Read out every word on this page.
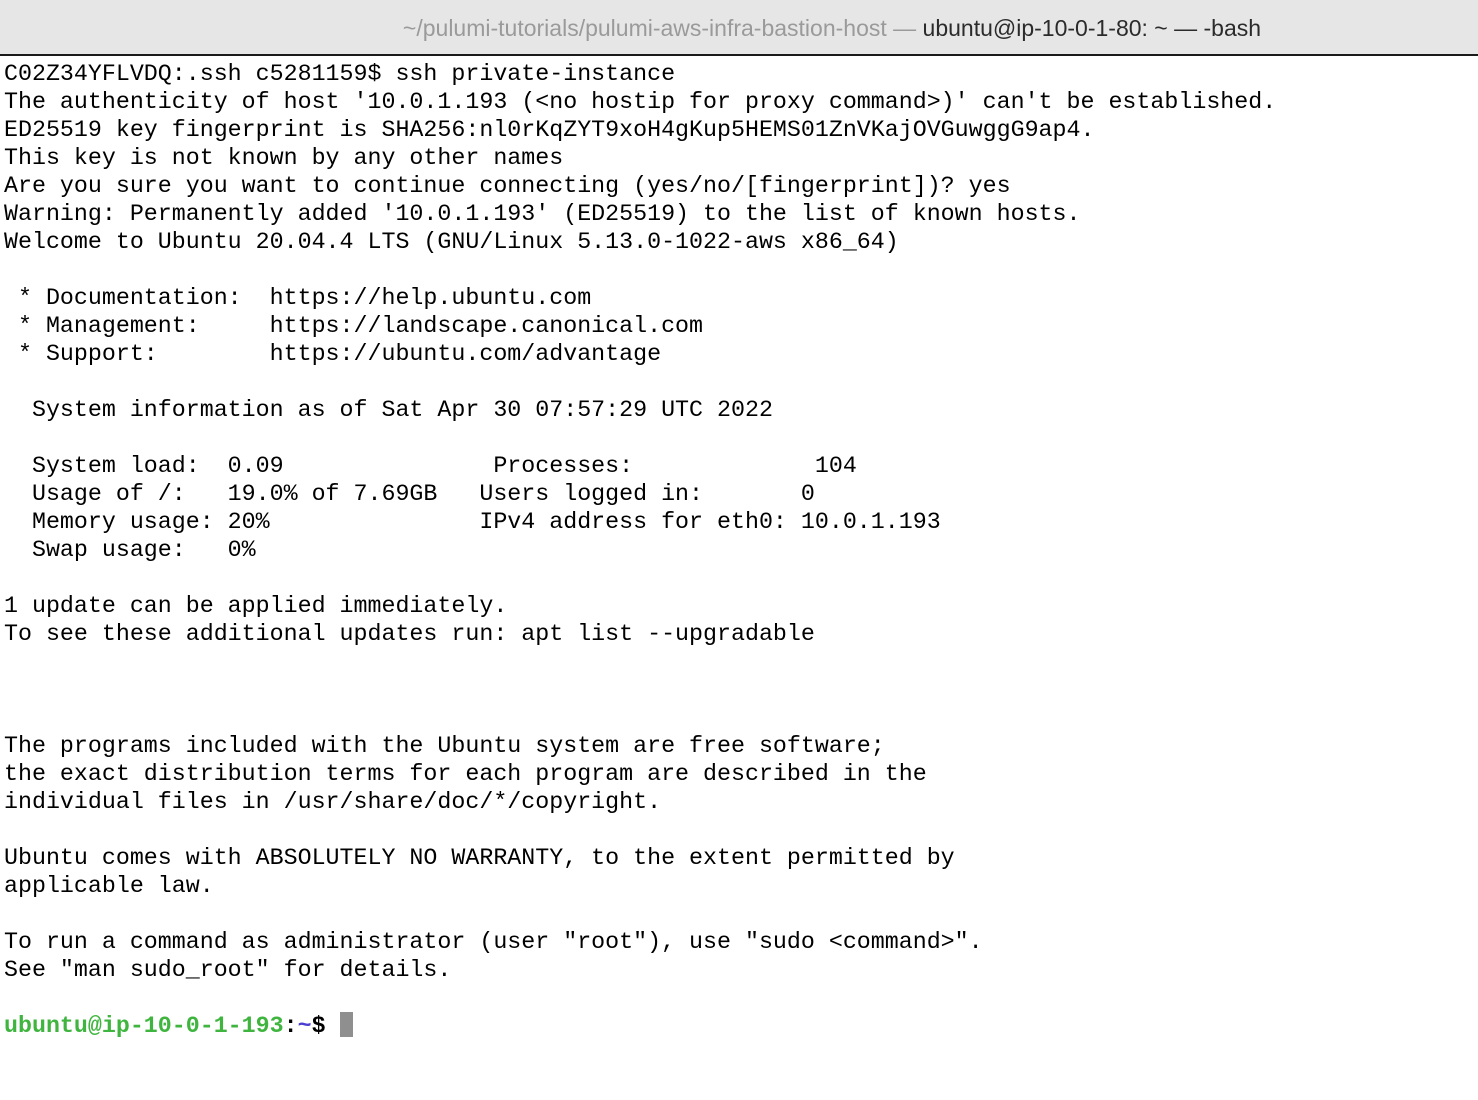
~/pulumi-tutorials/pulumi-aws-infra-bastion-host — ubuntu@ip-10-0-1-80: ~ — -bash
C02Z34YFLVDQ:.ssh c5281159$ ssh private-instance
The authenticity of host '10.0.1.193 (<no hostip for proxy command>)' can't be established.
ED25519 key fingerprint is SHA256:nl0rKqZYT9xoH4gKup5HEMS01ZnVKajOVGuwggG9ap4.
This key is not known by any other names
Are you sure you want to continue connecting (yes/no/[fingerprint])? yes
Warning: Permanently added '10.0.1.193' (ED25519) to the list of known hosts.
Welcome to Ubuntu 20.04.4 LTS (GNU/Linux 5.13.0-1022-aws x86_64)
* Documentation:  https://help.ubuntu.com
* Management:     https://landscape.canonical.com
* Support:        https://ubuntu.com/advantage
System information as of Sat Apr 30 07:57:29 UTC 2022
System load:  0.09               Processes:             104
Usage of /:   19.0% of 7.69GB   Users logged in:       0
Memory usage: 20%               IPv4 address for eth0: 10.0.1.193
Swap usage:   0%
1 update can be applied immediately.
To see these additional updates run: apt list --upgradable
The programs included with the Ubuntu system are free software;
the exact distribution terms for each program are described in the
individual files in /usr/share/doc/*/copyright.
Ubuntu comes with ABSOLUTELY NO WARRANTY, to the extent permitted by
applicable law.
To run a command as administrator (user "root"), use "sudo <command>".
See "man sudo_root" for details.
ubuntu@ip-10-0-1-193:~$
